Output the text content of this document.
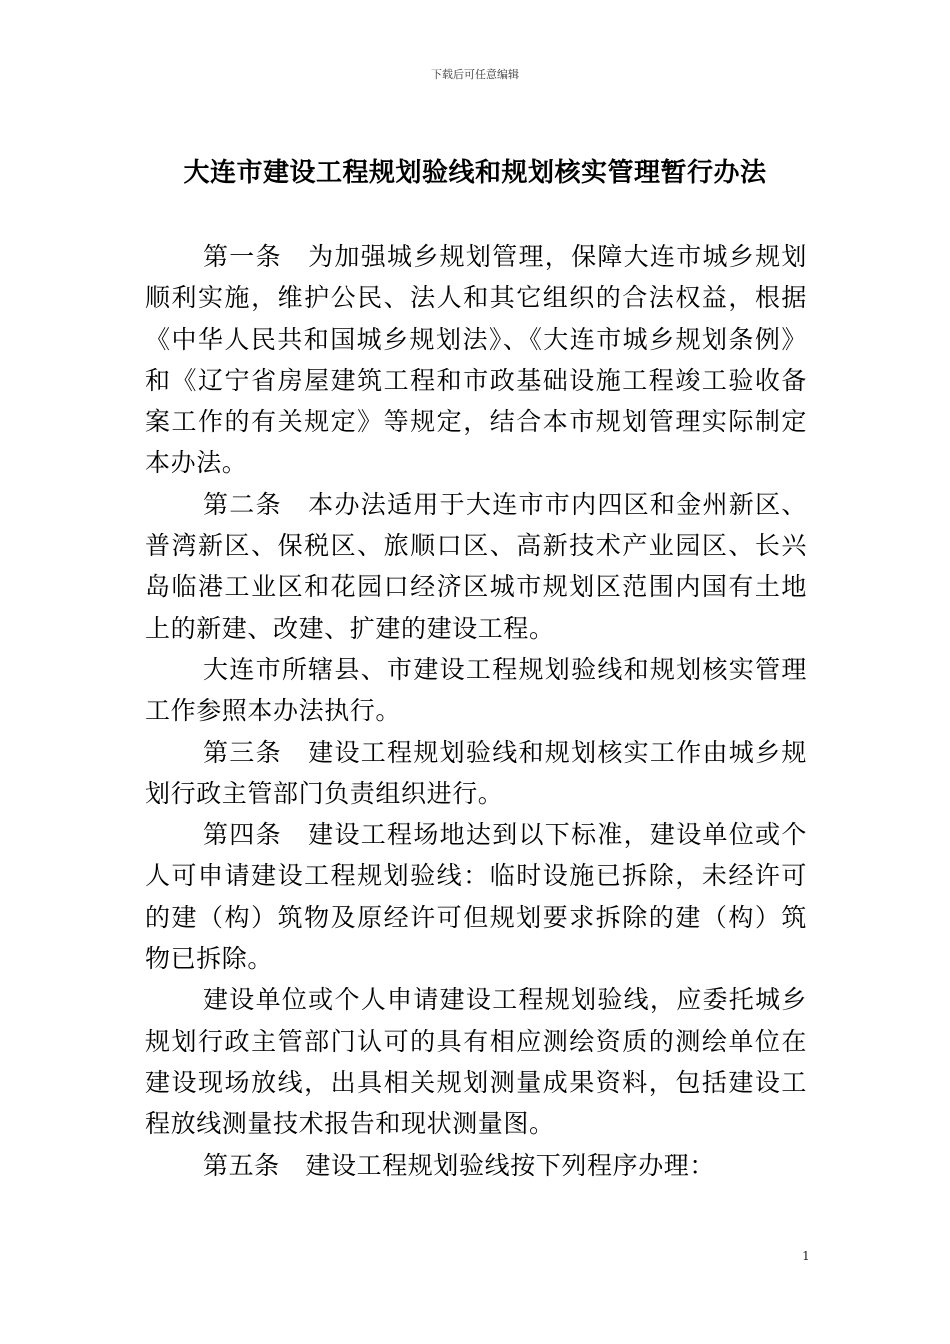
下载后可任意编辑
大连市建设工程规划验线和规划核实管理暂行办法

第一条　为加强城乡规划管理，保障大连市城乡规划顺利实施，维护公民、法人和其它组织的合法权益，根据《中华人民共和国城乡规划法》、《大连市城乡规划条例》和《辽宁省房屋建筑工程和市政基础设施工程竣工验收备案工作的有关规定》等规定，结合本市规划管理实际制定本办法。

第二条　本办法适用于大连市市内四区和金州新区、普湾新区、保税区、旅顺口区、高新技术产业园区、长兴岛临港工业区和花园口经济区城市规划区范围内国有土地上的新建、改建、扩建的建设工程。

大连市所辖县、市建设工程规划验线和规划核实管理工作参照本办法执行。

第三条　建设工程规划验线和规划核实工作由城乡规划行政主管部门负责组织进行。

第四条　建设工程场地达到以下标准，建设单位或个人可申请建设工程规划验线：临时设施已拆除，未经许可的建（构）筑物及原经许可但规划要求拆除的建（构）筑物已拆除。

建设单位或个人申请建设工程规划验线，应委托城乡规划行政主管部门认可的具有相应测绘资质的测绘单位在建设现场放线，出具相关规划测量成果资料，包括建设工程放线测量技术报告和现状测量图。

第五条　建设工程规划验线按下列程序办理：

1
